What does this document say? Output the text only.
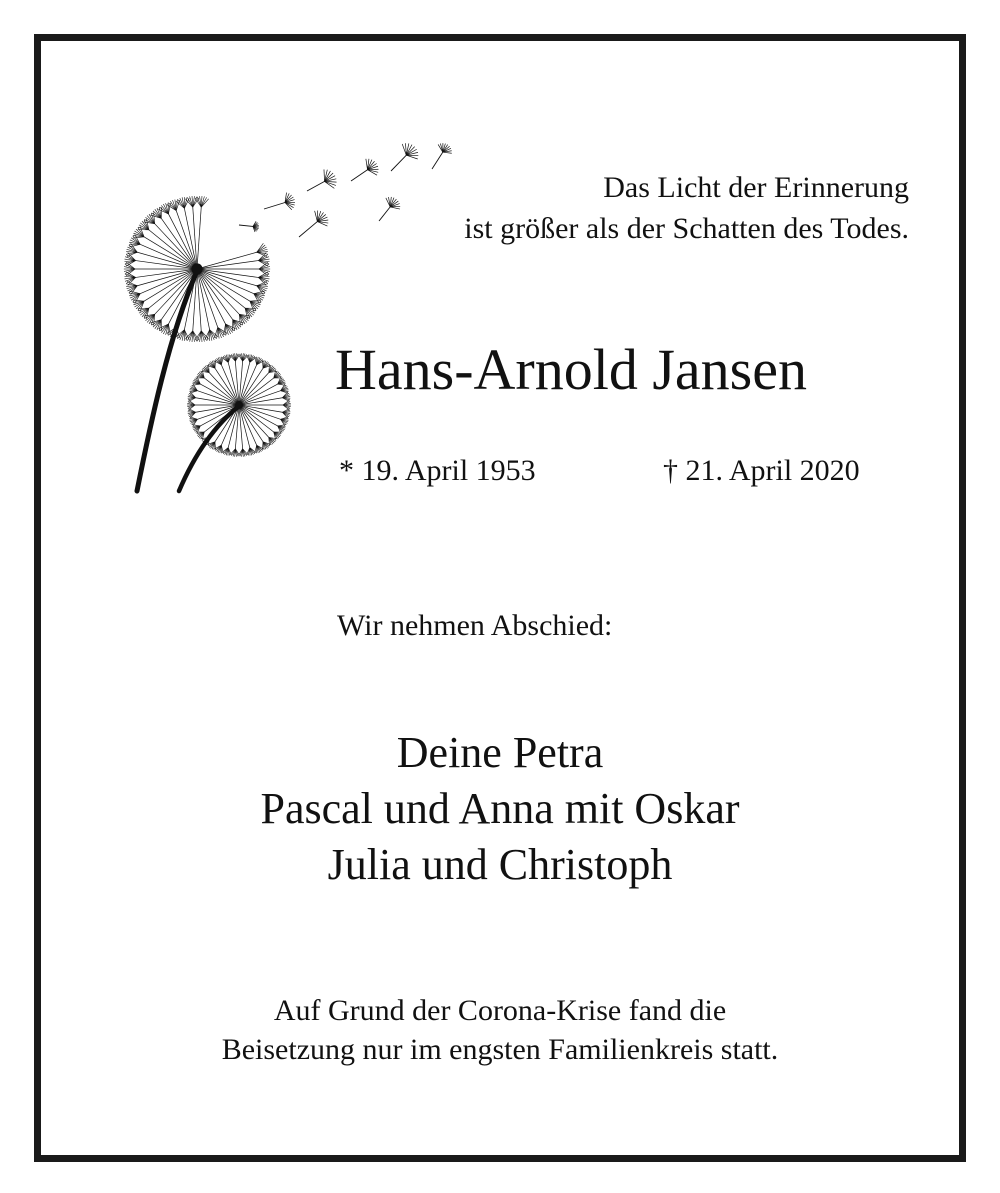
Das Licht der Erinnerung
ist größer als der Schatten des Todes.

Hans-Arnold Jansen
* 19. April 1953	† 21. April 2020
Wir nehmen Abschied:
Deine Petra
Pascal und Anna mit Oskar
Julia und Christoph
Auf Grund der Corona-Krise fand die
Beisetzung nur im engsten Familienkreis statt.
